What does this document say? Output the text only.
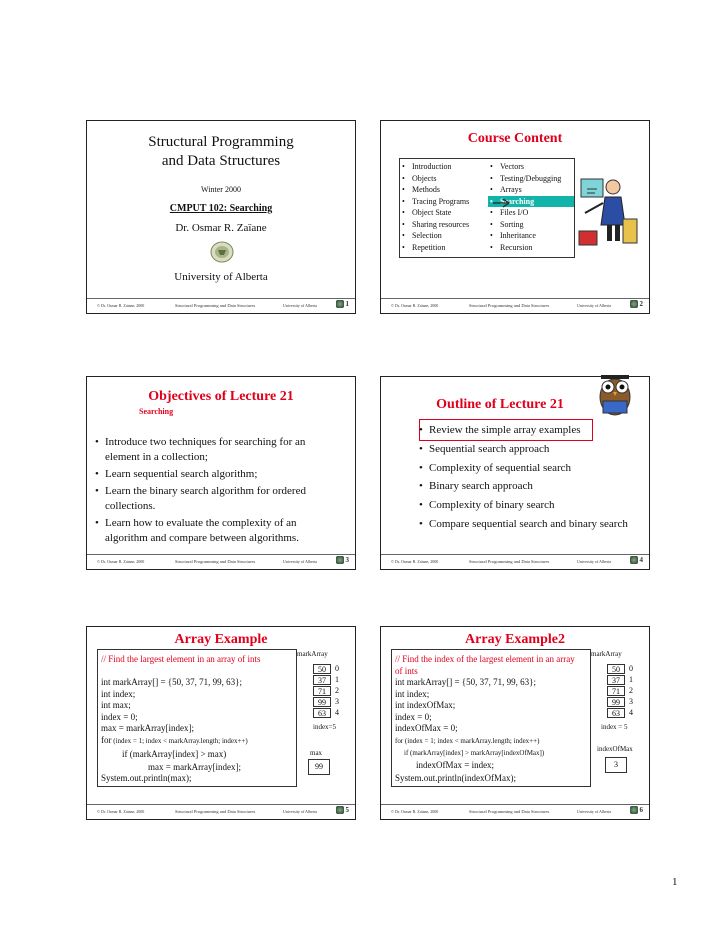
Structural Programming
and Data Structures
Winter 2000
CMPUT 102: Searching
Dr. Osmar R. Zaïane
University of Alberta
© Dr. Osmar R. Zaïane, 2000	Structural Programming and Data Structures	University of Alberta	1
Course Content
• Introduction
• Objects
• Methods
• Tracing Programs
• Object State
• Sharing resources
• Selection
• Repetition
• Vectors
• Testing/Debugging
• Arrays
• Searching
• Files I/O
• Sorting
• Inheritance
• Recursion
© Dr. Osmar R. Zaïane, 2000	Structural Programming and Data Structures	University of Alberta	2
Objectives of Lecture 21
Searching
• Introduce two techniques for searching for an element in a collection;
• Learn sequential search algorithm;
• Learn the binary search algorithm for ordered collections.
• Learn how to evaluate the complexity of an algorithm and compare between algorithms.
© Dr. Osmar R. Zaïane, 2000	Structural Programming and Data Structures	University of Alberta	3
Outline of Lecture 21
• Review the simple array examples
• Sequential search approach
• Complexity of sequential search
• Binary search approach
• Complexity of binary search
• Compare sequential search and binary search
© Dr. Osmar R. Zaïane, 2000	Structural Programming and Data Structures	University of Alberta	4
Array Example
// Find the largest element in an array of ints
int markArray[] = {50, 37, 71, 99, 63};
int index;
int max;
index = 0;
max = markArray[index];
for (index = 1; index < markArray.length; index++)
if (markArray[index] > max)
max = markArray[index];
System.out.println(max);
markArray
50	0
37	1
71	2
99	3
63	4
index=5
max
99
© Dr. Osmar R. Zaïane, 2000	Structural Programming and Data Structures	University of Alberta	5
Array Example2
// Find the index of the largest element in an array of ints
int markArray[] = {50, 37, 71, 99, 63};
int index;
int indexOfMax;
index = 0;
indexOfMax = 0;
for (index = 1; index < markArray.length; index++)
if (markArray[index] > markArray[indexOfMax])
indexOfMax = index;
System.out.println(indexOfMax);
markArray
50	0
37	1
71	2
99	3
63	4
index = 5
indexOfMax
3
© Dr. Osmar R. Zaïane, 2000	Structural Programming and Data Structures	University of Alberta	6
1
